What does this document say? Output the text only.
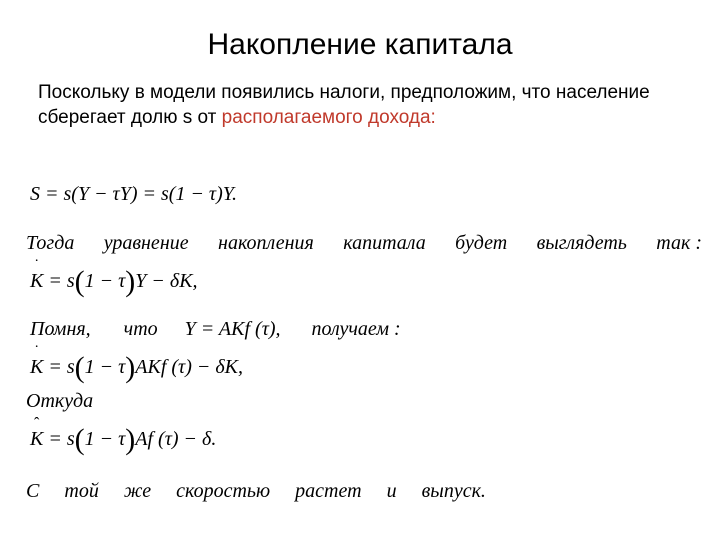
Накопление капитала
Поскольку в модели появились налоги, предположим, что население сберегает долю s от располагаемого дохода:
S = s(Y − τY) = s(1 − τ)Y.
Тогда уравнение накопления капитала будет выглядеть так :
˙
K = s(1 − τ)Y − δK,
Помня, что Y = AKf (τ), получаем :
˙
K = s(1 − τ)AKf (τ) − δK,
Откуда
ˆ
K = s(1 − τ)Af (τ) − δ.
С той же скоростью растет и выпуск.
